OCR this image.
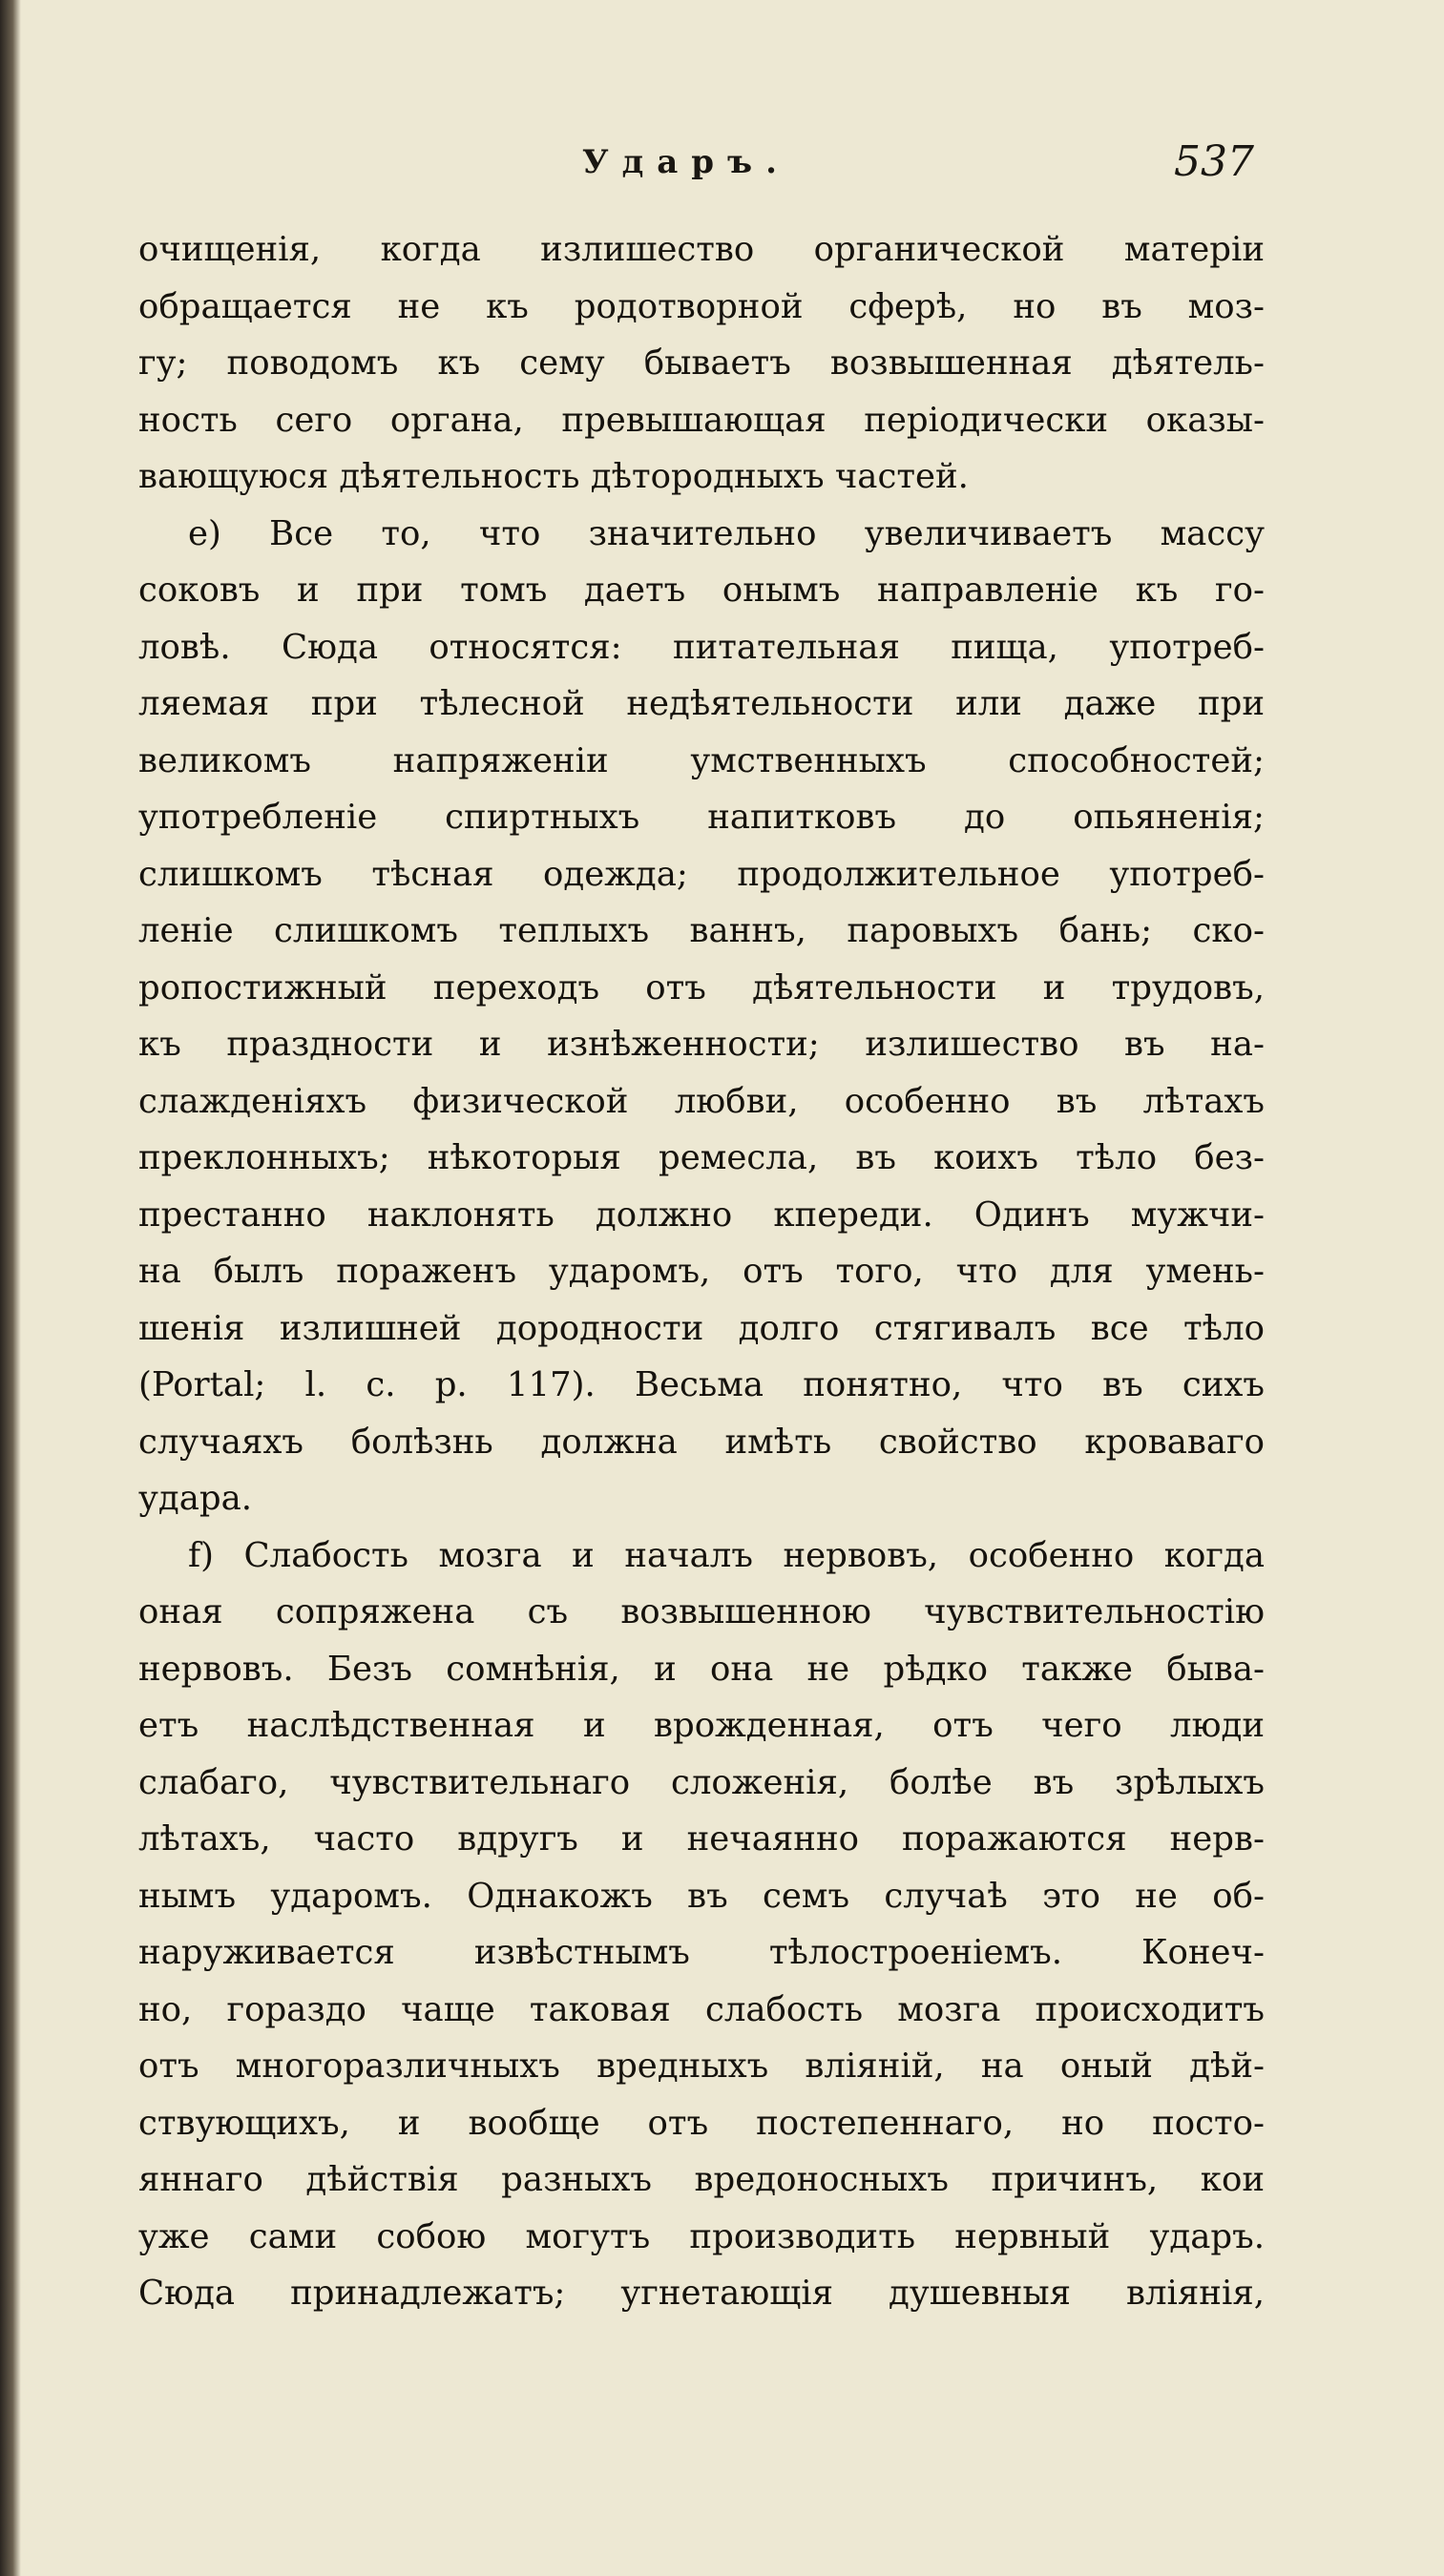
Ударъ.	537
очищенія, когда излишество органической матеріи
обращается не къ родотворной сферѣ, но въ моз-
гу; поводомъ къ сему бываетъ возвышенная дѣятель-
ность сего органа, превышающая періодически оказы-
вающуюся дѣятельность дѣтородныхъ частей.
e) Все то, что значительно увеличиваетъ массу
соковъ и при томъ даетъ онымъ направленіе къ го-
ловѣ. Сюда относятся: питательная пища, употреб-
ляемая при тѣлесной недѣятельности или даже при
великомъ напряженіи умственныхъ способностей;
употребленіе спиртныхъ напитковъ до опьяненія;
слишкомъ тѣсная одежда; продолжительное употреб-
леніе слишкомъ теплыхъ ваннъ, паровыхъ бань; ско-
ропостижный переходъ отъ дѣятельности и трудовъ,
къ праздности и изнѣженности; излишество въ на-
слажденіяхъ физической любви, особенно въ лѣтахъ
преклонныхъ; нѣкоторыя ремесла, въ коихъ тѣло без-
престанно наклонять должно кпереди. Одинъ мужчи-
на былъ пораженъ ударомъ, отъ того, что для умень-
шенія излишней дородности долго стягивалъ все тѣло
(Portal; l. c. p. 117). Весьма понятно, что въ сихъ
случаяхъ болѣзнь должна имѣть свойство кроваваго
удара.
f) Слабость мозга и началъ нервовъ, особенно когда
оная сопряжена съ возвышенною чувствительностію
нервовъ. Безъ сомнѣнія, и она не рѣдко также быва-
етъ наслѣдственная и врожденная, отъ чего люди
слабаго, чувствительнаго сложенія, болѣе въ зрѣлыхъ
лѣтахъ, часто вдругъ и нечаянно поражаются нерв-
нымъ ударомъ. Однакожъ въ семъ случаѣ это не об-
наруживается извѣстнымъ тѣлостроеніемъ. Конеч-
но, гораздо чаще таковая слабость мозга происходитъ
отъ многоразличныхъ вредныхъ вліяній, на оный дѣй-
ствующихъ, и вообще отъ постепеннаго, но посто-
яннаго дѣйствія разныхъ вредоносныхъ причинъ, кои
уже сами собою могутъ производить нервный ударъ.
Сюда принадлежатъ; угнетающія душевныя вліянія,
